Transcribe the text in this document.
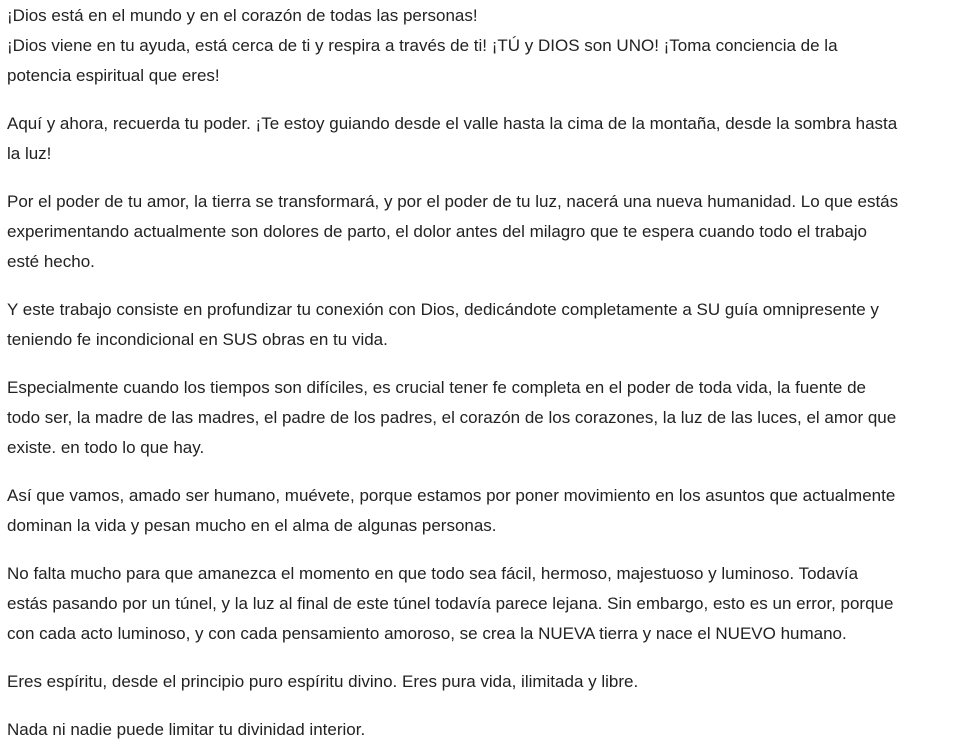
¡Dios está en el mundo y en el corazón de todas las personas!
¡Dios viene en tu ayuda, está cerca de ti y respira a través de ti! ¡TÚ y DIOS son UNO! ¡Toma conciencia de la
potencia espiritual que eres!

Aquí y ahora, recuerda tu poder. ¡Te estoy guiando desde el valle hasta la cima de la montaña, desde la sombra hasta
la luz!

Por el poder de tu amor, la tierra se transformará, y por el poder de tu luz, nacerá una nueva humanidad. Lo que estás
experimentando actualmente son dolores de parto, el dolor antes del milagro que te espera cuando todo el trabajo
esté hecho.

Y este trabajo consiste en profundizar tu conexión con Dios, dedicándote completamente a SU guía omnipresente y
teniendo fe incondicional en SUS obras en tu vida.

Especialmente cuando los tiempos son difíciles, es crucial tener fe completa en el poder de toda vida, la fuente de
todo ser, la madre de las madres, el padre de los padres, el corazón de los corazones, la luz de las luces, el amor que
existe. en todo lo que hay.

Así que vamos, amado ser humano, muévete, porque estamos por poner movimiento en los asuntos que actualmente
dominan la vida y pesan mucho en el alma de algunas personas.

No falta mucho para que amanezca el momento en que todo sea fácil, hermoso, majestuoso y luminoso. Todavía
estás pasando por un túnel, y la luz al final de este túnel todavía parece lejana. Sin embargo, esto es un error, porque
con cada acto luminoso, y con cada pensamiento amoroso, se crea la NUEVA tierra y nace el NUEVO humano.

Eres espíritu, desde el principio puro espíritu divino. Eres pura vida, ilimitada y libre.

Nada ni nadie puede limitar tu divinidad interior.
